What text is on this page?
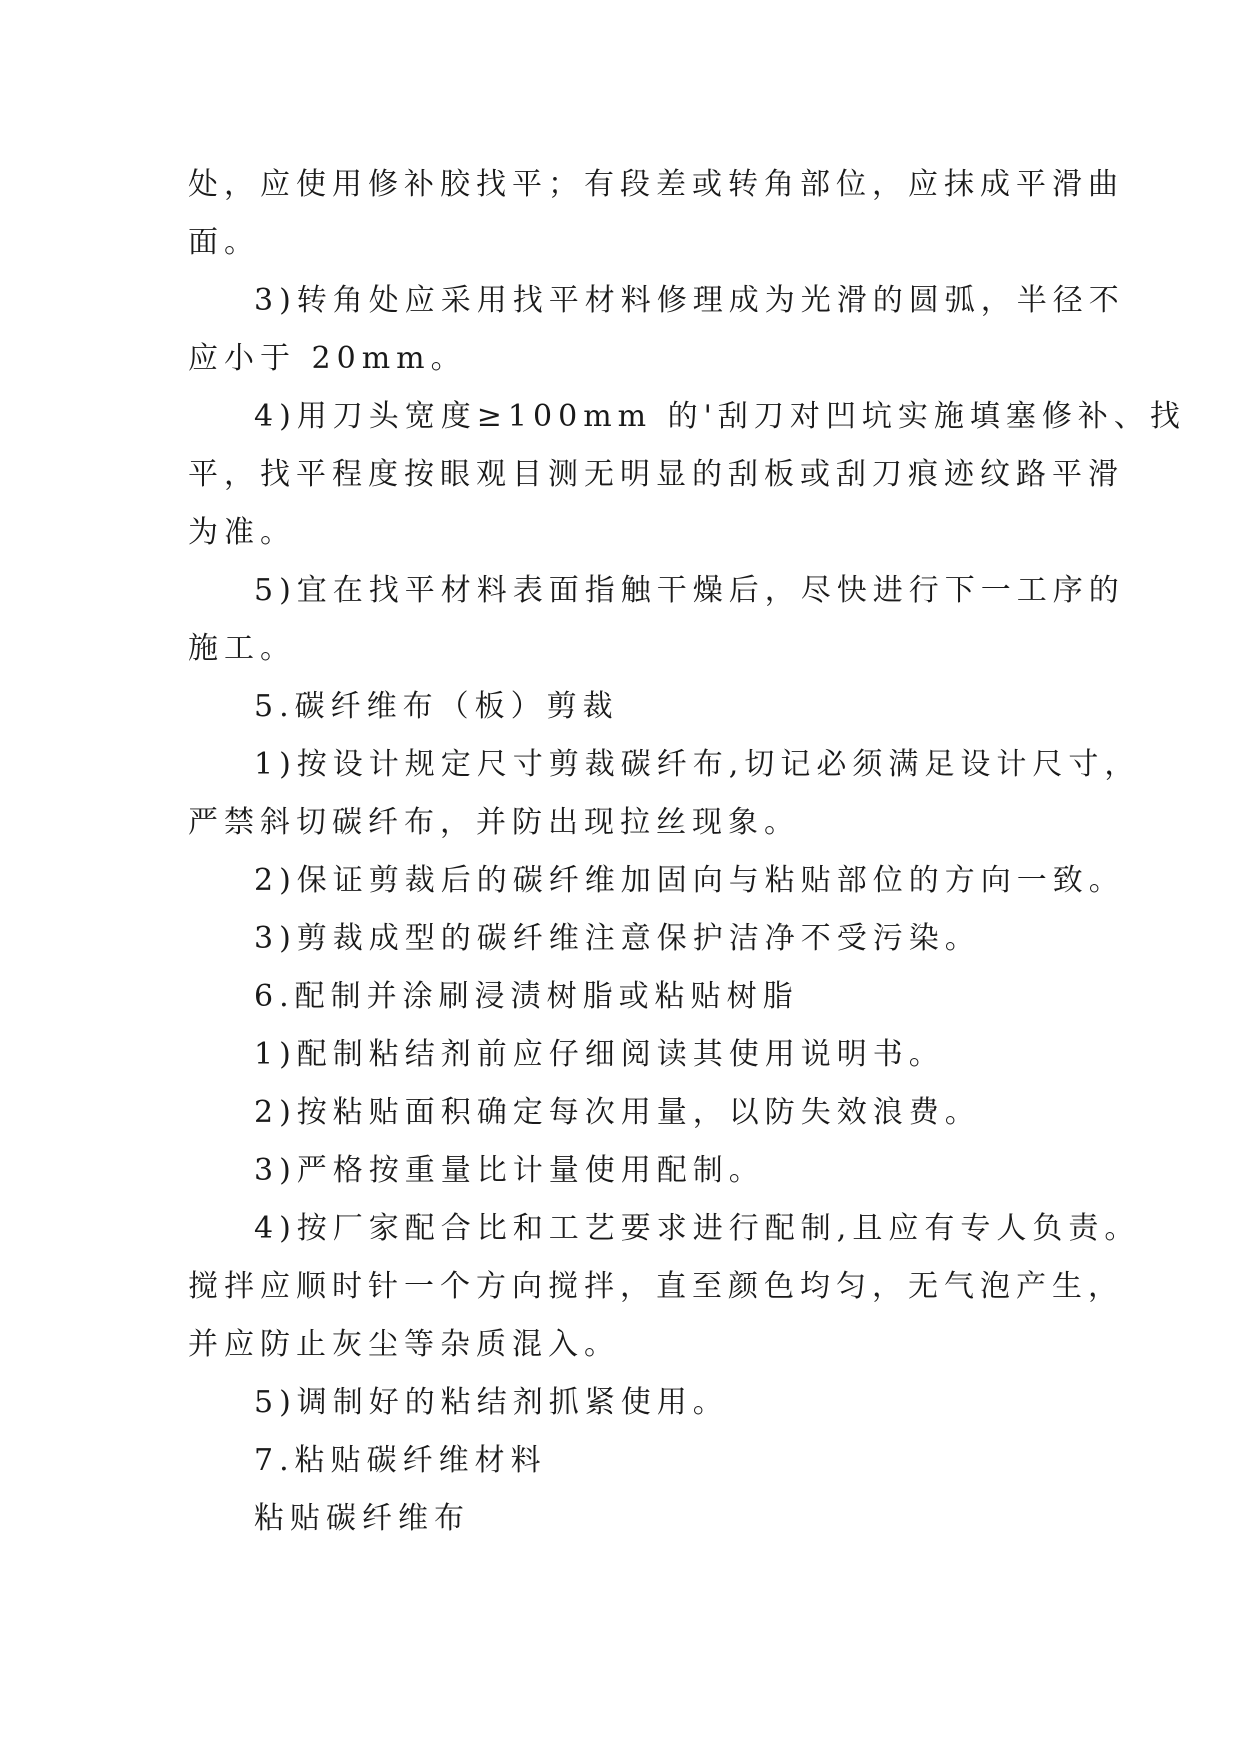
处，应使用修补胶找平；有段差或转角部位，应抹成平滑曲
面。
3)转角处应采用找平材料修理成为光滑的圆弧，半径不
应小于 20mm。
4)用刀头宽度≥100mm 的'刮刀对凹坑实施填塞修补、找
平，找平程度按眼观目测无明显的刮板或刮刀痕迹纹路平滑
为准。
5)宜在找平材料表面指触干燥后，尽快进行下一工序的
施工。
5.碳纤维布（板）剪裁
1)按设计规定尺寸剪裁碳纤布,切记必须满足设计尺寸，
严禁斜切碳纤布，并防出现拉丝现象。
2)保证剪裁后的碳纤维加固向与粘贴部位的方向一致。
3)剪裁成型的碳纤维注意保护洁净不受污染。
6.配制并涂刷浸渍树脂或粘贴树脂
1)配制粘结剂前应仔细阅读其使用说明书。
2)按粘贴面积确定每次用量，以防失效浪费。
3)严格按重量比计量使用配制。
4)按厂家配合比和工艺要求进行配制,且应有专人负责。
搅拌应顺时针一个方向搅拌，直至颜色均匀，无气泡产生，
并应防止灰尘等杂质混入。
5)调制好的粘结剂抓紧使用。
7.粘贴碳纤维材料
粘贴碳纤维布
